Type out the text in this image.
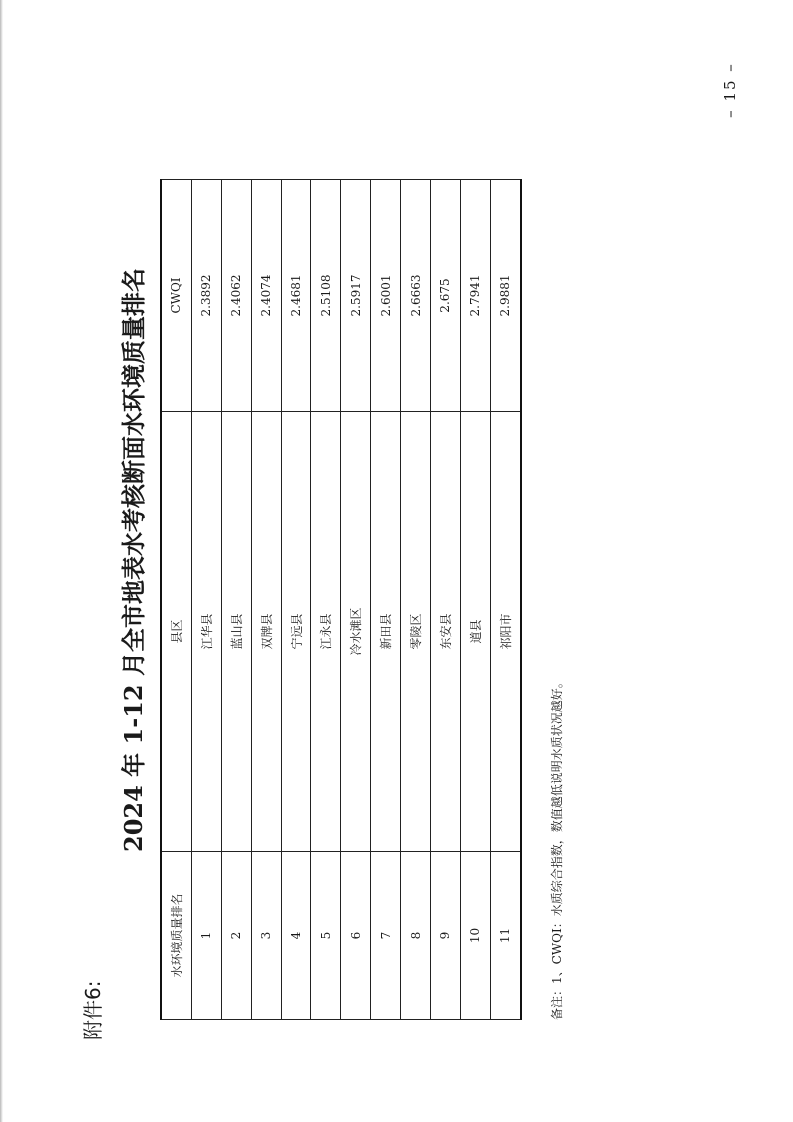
附件6:
2024 年 1-12 月全市地表水考核断面水环境质量排名
水环境质量排名	县区	CWQI
1	江华县	2.3892
2	蓝山县	2.4062
3	双牌县	2.4074
4	宁远县	2.4681
5	江永县	2.5108
6	冷水滩区	2.5917
7	新田县	2.6001
8	零陵区	2.6663
9	东安县	2.675
10	道县	2.7941
11	祁阳市	2.9881
备注：1、CWQI：水质综合指数，数值越低说明水质状况越好。
– 15 –
